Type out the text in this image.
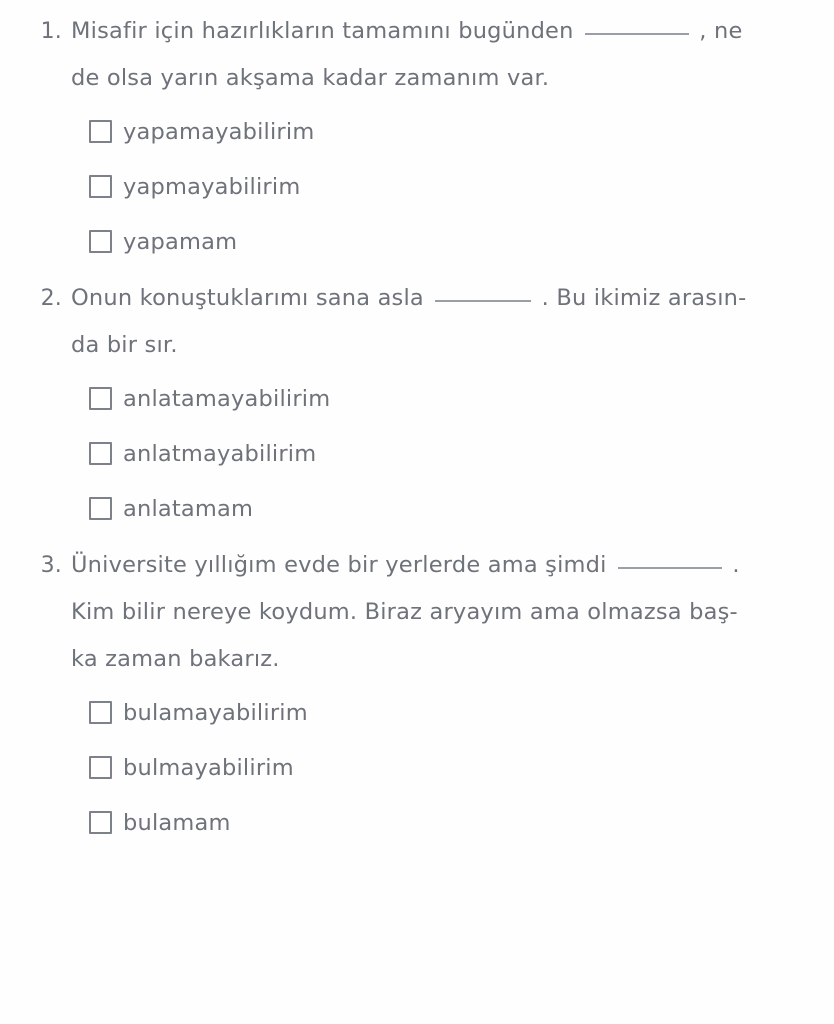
1. Misafir için hazırlıkların tamamını bugünden	, ne
de olsa yarın akşama kadar zamanım var.
yapamayabilirim
yapmayabilirim
yapamam
2. Onun konuştuklarımı sana asla	. Bu ikimiz arasın-
da bir sır.
anlatamayabilirim
anlatmayabilirim
anlatamam
3. Üniversite yıllığım evde bir yerlerde ama şimdi	.
Kim bilir nereye koydum. Biraz aryayım ama olmazsa baş-
ka zaman bakarız.
bulamayabilirim
bulmayabilirim
bulamam
